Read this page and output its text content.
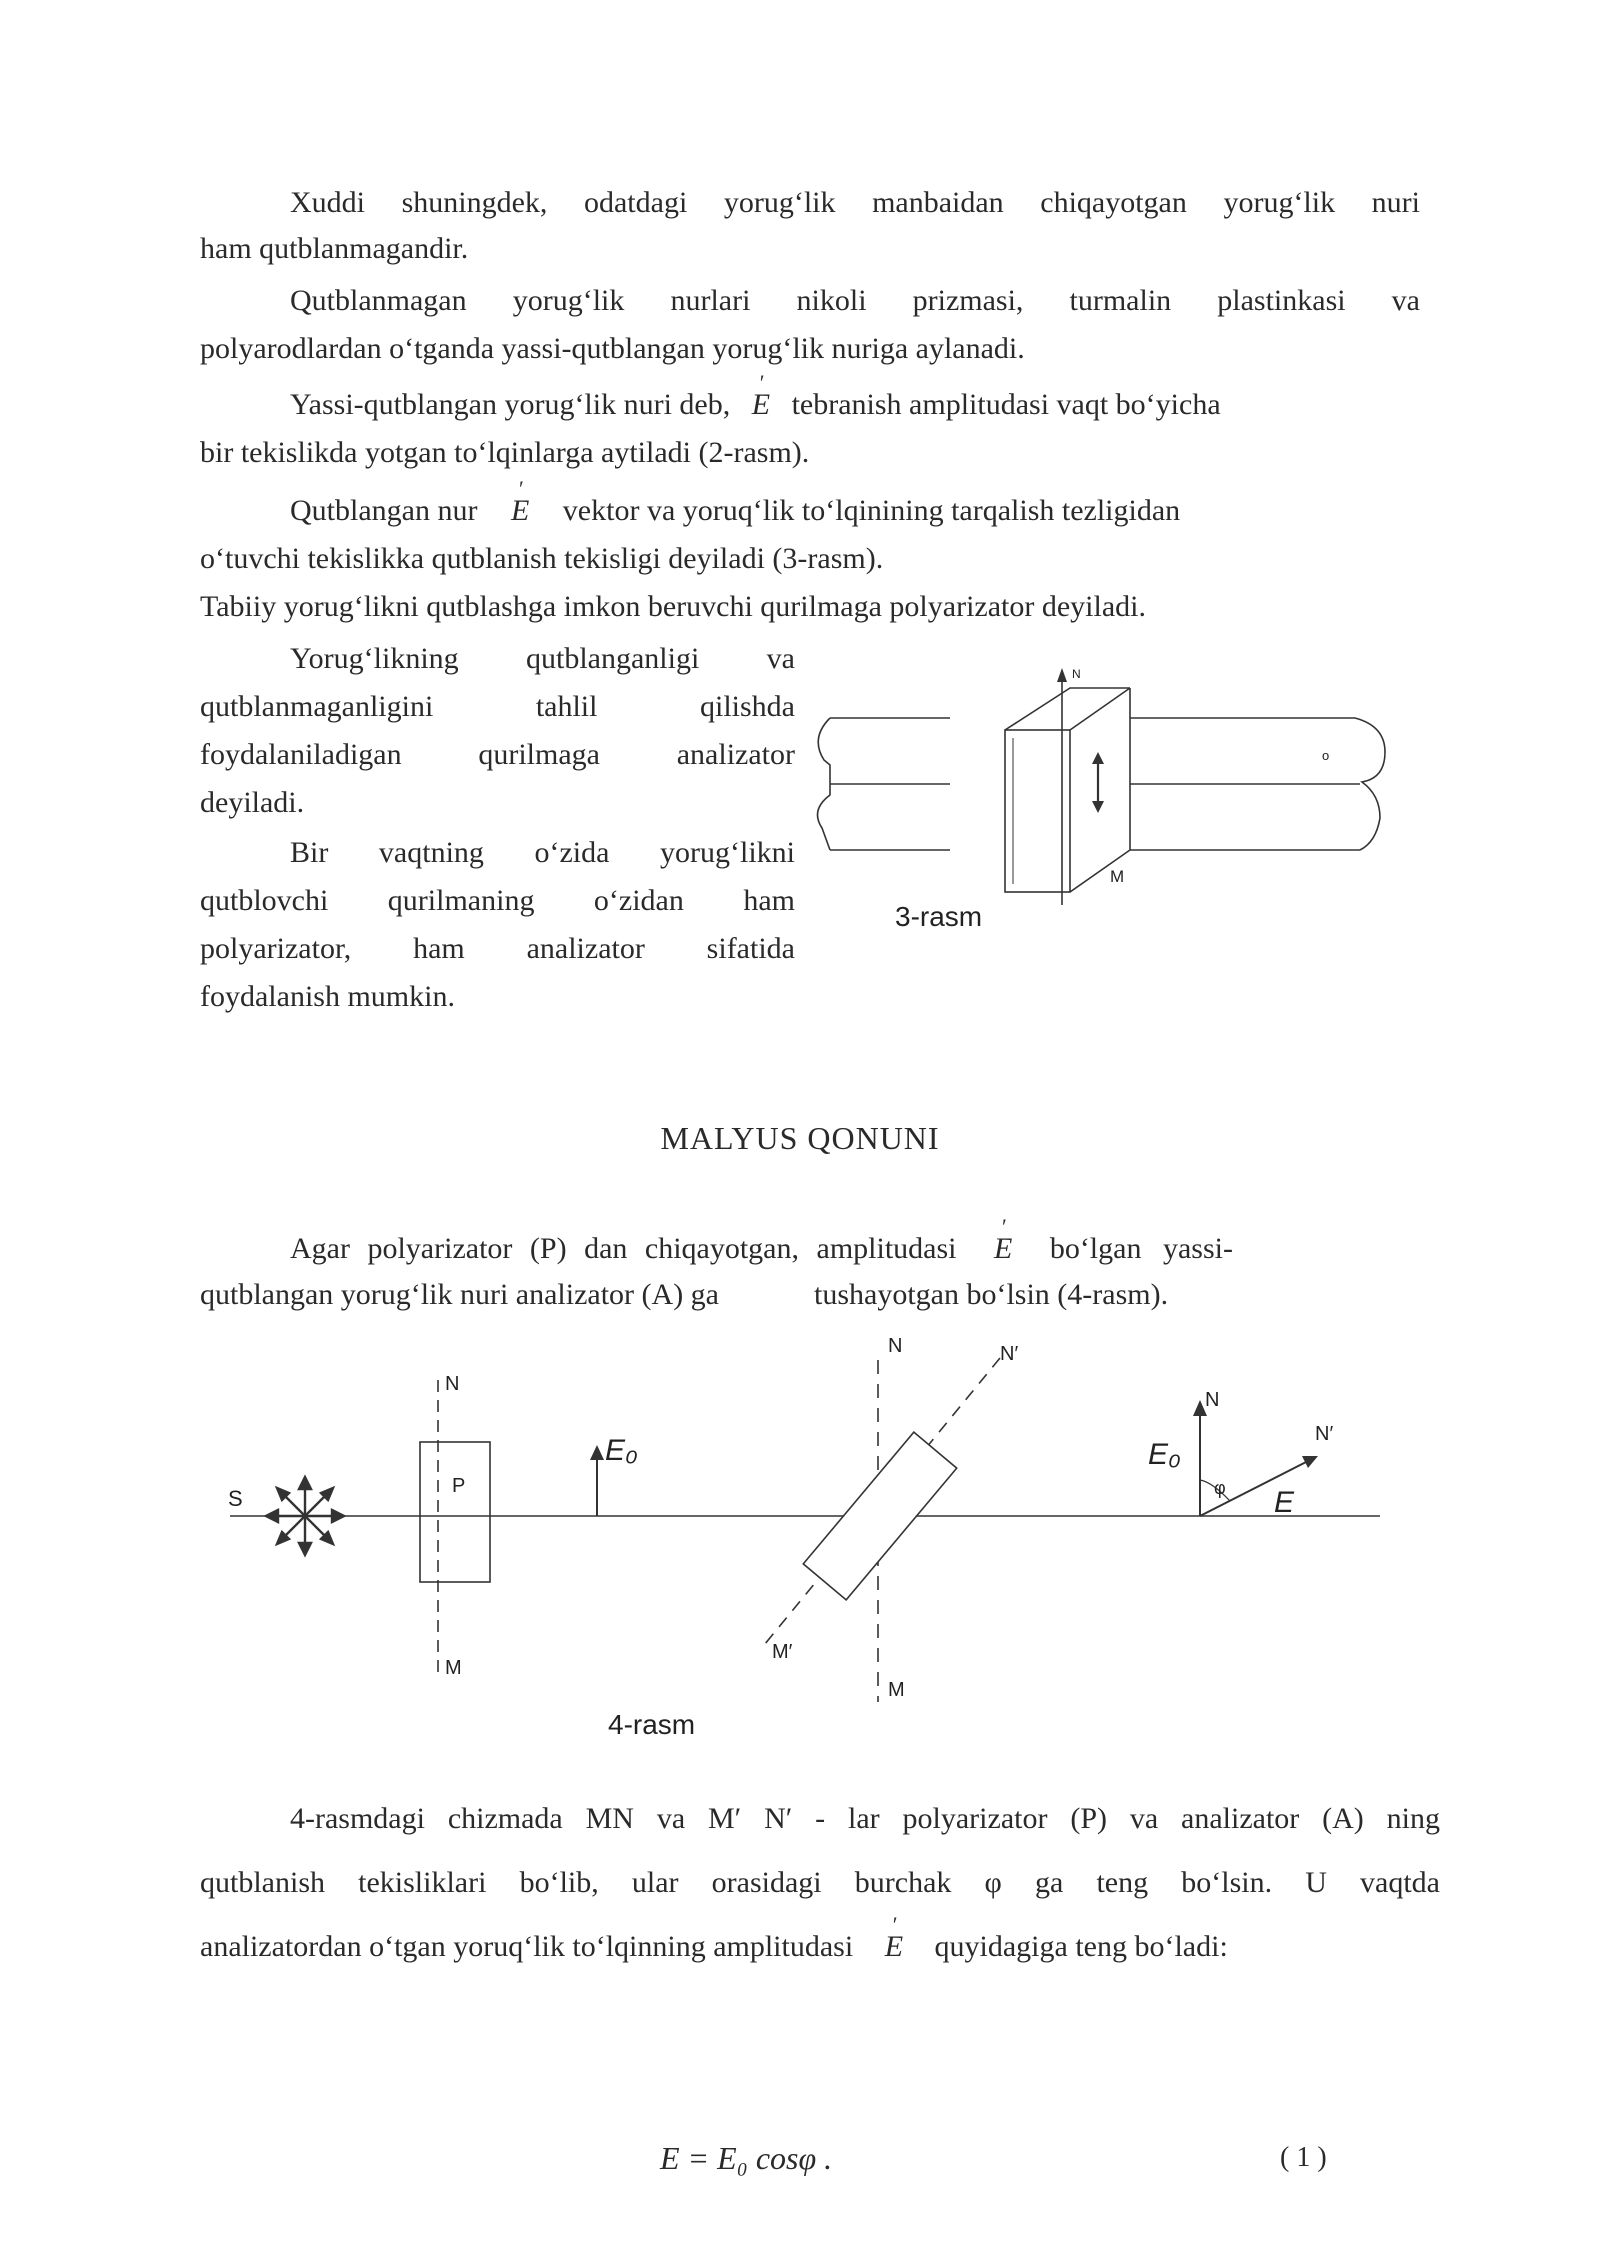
Xuddi shuningdek, odatdagi yorug‘lik manbaidan chiqayotgan yorug‘lik nuri
ham qutblanmagandir.
Qutblanmagan yorug‘lik nurlari nikoli prizmasi, turmalin plastinkasi va
polyarodlardan o‘tganda yassi-qutblangan yorug‘lik nuriga aylanadi.
Yassi-qutblangan yorug‘lik nuri deb, ′ E tebranish amplitudasi vaqt bo‘yicha
bir tekislikda yotgan to‘lqinlarga aytiladi (2-rasm).
Qutblangan nur ′ E vektor va yoruq‘lik to‘lqinining tarqalish tezligidan
o‘tuvchi tekislikka qutblanish tekisligi deyiladi (3-rasm).
Tabiiy yorug‘likni qutblashga imkon beruvchi qurilmaga polyarizator deyiladi.
Yorug‘likning qutblanganligi va
qutblanmaganligini tahlil qilishda
foydalaniladigan qurilmaga analizator
deyiladi.
Bir vaqtning o‘zida yorug‘likni
qutblovchi qurilmaning o‘zidan ham
polyarizator, ham analizator sifatida
foydalanish mumkin.
N
o
M
3-rasm
MALYUS QONUNI
Agar polyarizator (P) dan chiqayotgan, amplitudasi ′ E bo‘lgan yassi-
qutblangan yorug‘lik nuri analizator (A) ga	tushayotgan bo‘lsin (4-rasm).
S	P
N
M
E₀
N	N′
M′
M
N
N′
E₀
E
φ
4-rasm
4-rasmdagi chizmada MN va M′ N′ - lar polyarizator (P) va analizator (A) ning
qutblanish tekisliklari bo‘lib, ular orasidagi burchak φ ga teng bo‘lsin. U vaqtda
analizatordan o‘tgan yoruq‘lik to‘lqinning amplitudasi ′ E quyidagiga teng bo‘ladi:
E = E₀ cosφ .	( 1 )
